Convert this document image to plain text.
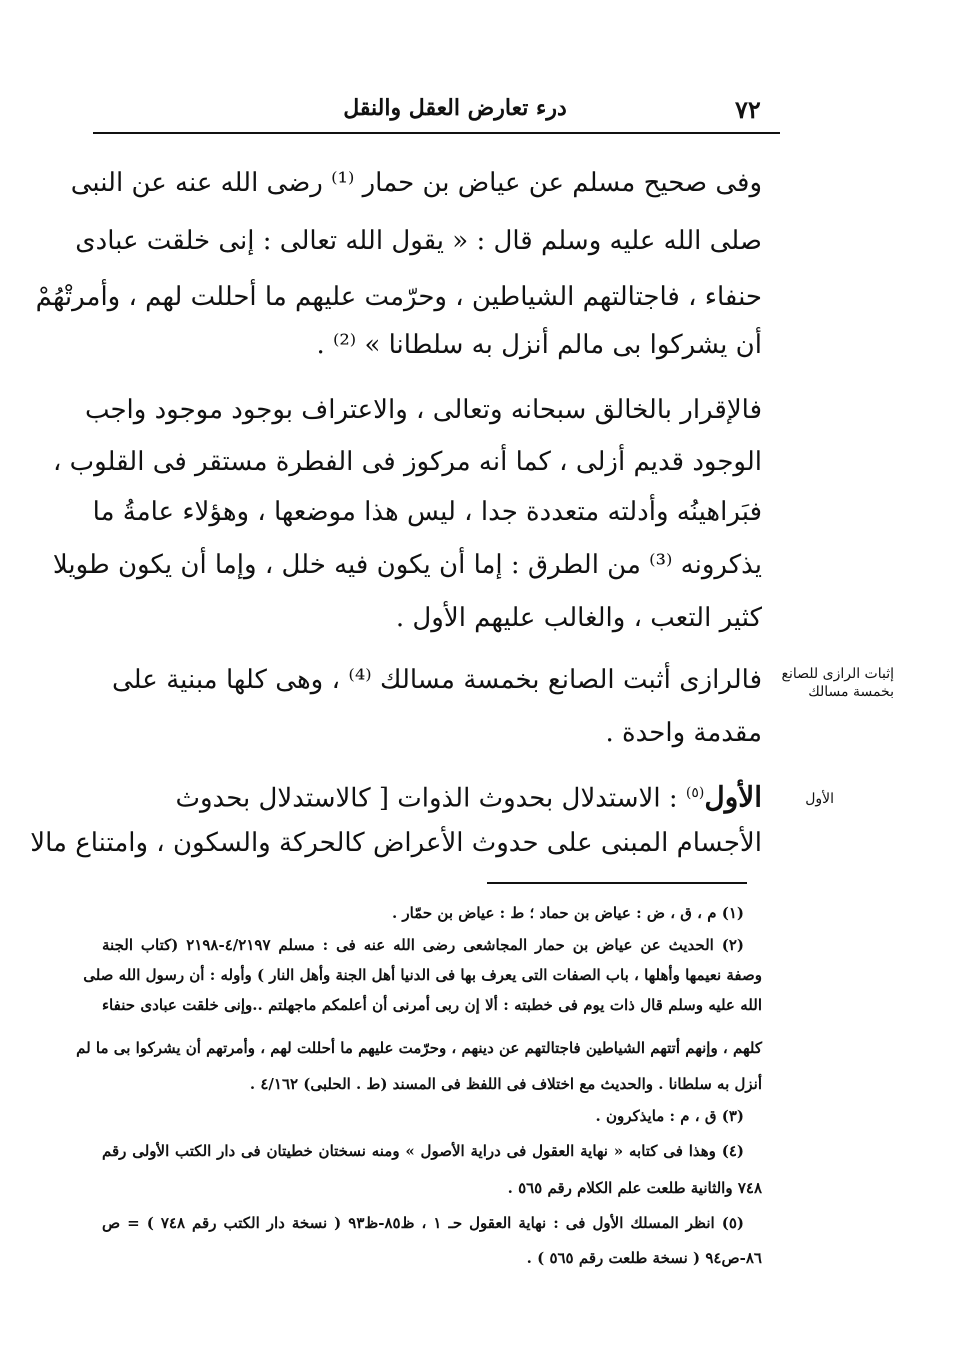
٧٢
درء تعارض العقل والنقل
وفى صحيح مسلم عن عياض بن حمار ⁽¹⁾ رضى الله عنه عن النبى
صلى الله عليه وسلم قال : « يقول الله تعالى : إنى خلقت عبادى
حنفاء ، فاجتالتهم الشياطين ، وحرّمت عليهم ما أحللت لهم ، وأمرتْهُمْ
أن يشركوا بى مالم أنزل به سلطانا » ⁽²⁾ .
فالإقرار بالخالق سبحانه وتعالى ، والاعتراف بوجود موجود واجب
الوجود قديم أزلى ، كما أنه مركوز فى الفطرة مستقر فى القلوب ،
فبَراهينُه وأدلته متعددة جدا ، ليس هذا موضعها ، وهؤلاء عامةُ ما
يذكرونه ⁽³⁾ من الطرق : إما أن يكون فيه خلل ، وإما أن يكون طويلا
كثير التعب ، والغالب عليهم الأول .
فالرازى أثبت الصانع بخمسة مسالك ⁽⁴⁾ ، وهى كلها مبنية على
مقدمة واحدة .
إثبات الرازى للصانع
بخمسة مسالك
الأول$^{(٥)}$ : الاستدلال بحدوث الذوات [ كالاستدلال بحدوث
الأجسام المبنى على حدوث الأعراض كالحركة والسكون ، وامتناع مالا
الأول
(١) م ، ق ، ض : عياض بن حماد ؛ ط : عياض بن حمّار .
(٢) الحديث عن عياض بن حمار المجاشعى رضى الله عنه فى : مسلم ٤/٢١٩٧-٢١٩٨ (كتاب الجنة
وصفة نعيمها وأهلها ، باب الصفات التى يعرف بها فى الدنيا أهل الجنة وأهل النار ) وأوله : أن رسول الله صلى
الله عليه وسلم قال ذات يوم فى خطبته : ألا إن ربى أمرنى أن أعلمكم ماجهلتم ..وإنى خلقت عبادى حنفاء
كلهم ، وإنهم أتتهم الشياطين فاجتالتهم عن دينهم ، وحرّمت عليهم ما أحللت لهم ، وأمرتهم أن يشركوا بى ما لم
أنزل به سلطانا . والحديث مع اختلاف فى اللفظ فى المسند (ط . الحلبى) ٤/١٦٢ .
(٣) ق ، م : مايذكرون .
(٤) وهذا فى كتابه « نهاية العقول فى دراية الأصول » ومنه نسختان خطيتان فى دار الكتب الأولى رقم
٧٤٨ والثانية طلعت علم الكلام رقم ٥٦٥ .
(٥) انظر المسلك الأول فى : نهاية العقول حـ ١ ، ظ٨٥-ظ٩٣ ( نسخة دار الكتب رقم ٧٤٨ ) = ص
٨٦-ص٩٤ ( نسخة طلعت رقم ٥٦٥ ) .
